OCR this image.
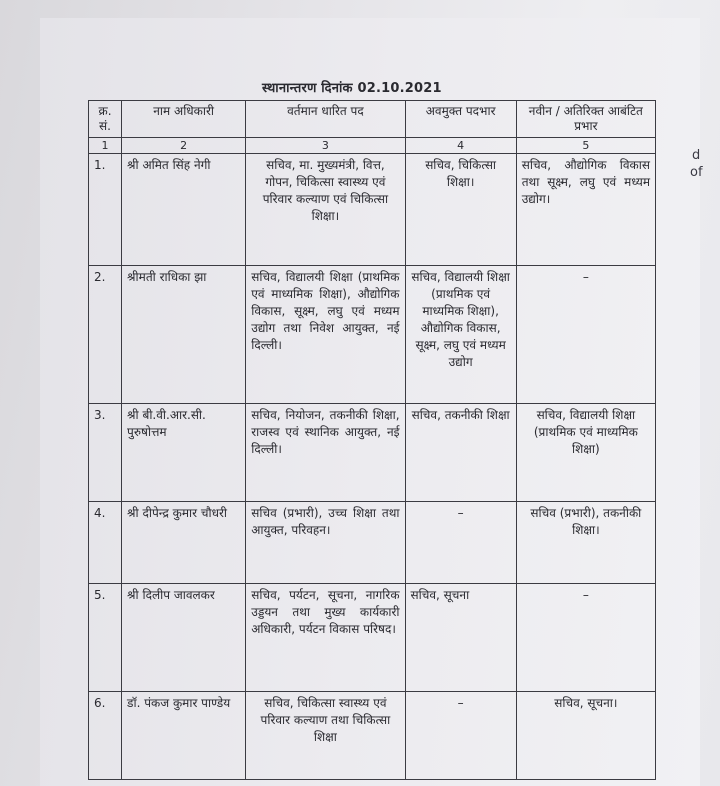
d
of
स्थानान्तरण दिनांक 02.10.2021
क्र. सं.	नाम अधिकारी	वर्तमान धारित पद	अवमुक्त पदभार	नवीन / अतिरिक्त आबंटित प्रभार
1	2	3	4	5
1.	श्री अमित सिंह नेगी	सचिव, मा. मुख्यमंत्री, वित्त, गोपन, चिकित्सा स्वास्थ्य एवं परिवार कल्याण एवं चिकित्सा शिक्षा।	सचिव, चिकित्सा शिक्षा।	सचिव, औद्योगिक विकास तथा सूक्ष्म, लघु एवं मध्यम उद्योग।
2.	श्रीमती राधिका झा	सचिव, विद्यालयी शिक्षा (प्राथमिक एवं माध्यमिक शिक्षा), औद्योगिक विकास, सूक्ष्म, लघु एवं मध्यम उद्योग तथा निवेश आयुक्त, नई दिल्ली।	सचिव, विद्यालयी शिक्षा (प्राथमिक एवं माध्यमिक शिक्षा), औद्योगिक विकास, सूक्ष्म, लघु एवं मध्यम उद्योग	–
3.	श्री बी.वी.आर.सी. पुरुषोत्तम	सचिव, नियोजन, तकनीकी शिक्षा, राजस्व एवं स्थानिक आयुक्त, नई दिल्ली।	सचिव, तकनीकी शिक्षा	सचिव, विद्यालयी शिक्षा (प्राथमिक एवं माध्यमिक शिक्षा)
4.	श्री दीपेन्द्र कुमार चौधरी	सचिव (प्रभारी), उच्च शिक्षा तथा आयुक्त, परिवहन।	–	सचिव (प्रभारी), तकनीकी शिक्षा।
5.	श्री दिलीप जावलकर	सचिव, पर्यटन, सूचना, नागरिक उड्डयन तथा मुख्य कार्यकारी अधिकारी, पर्यटन विकास परिषद।	सचिव, सूचना	–
6.	डॉ. पंकज कुमार पाण्डेय	सचिव, चिकित्सा स्वास्थ्य एवं परिवार कल्याण तथा चिकित्सा शिक्षा	–	सचिव, सूचना।
